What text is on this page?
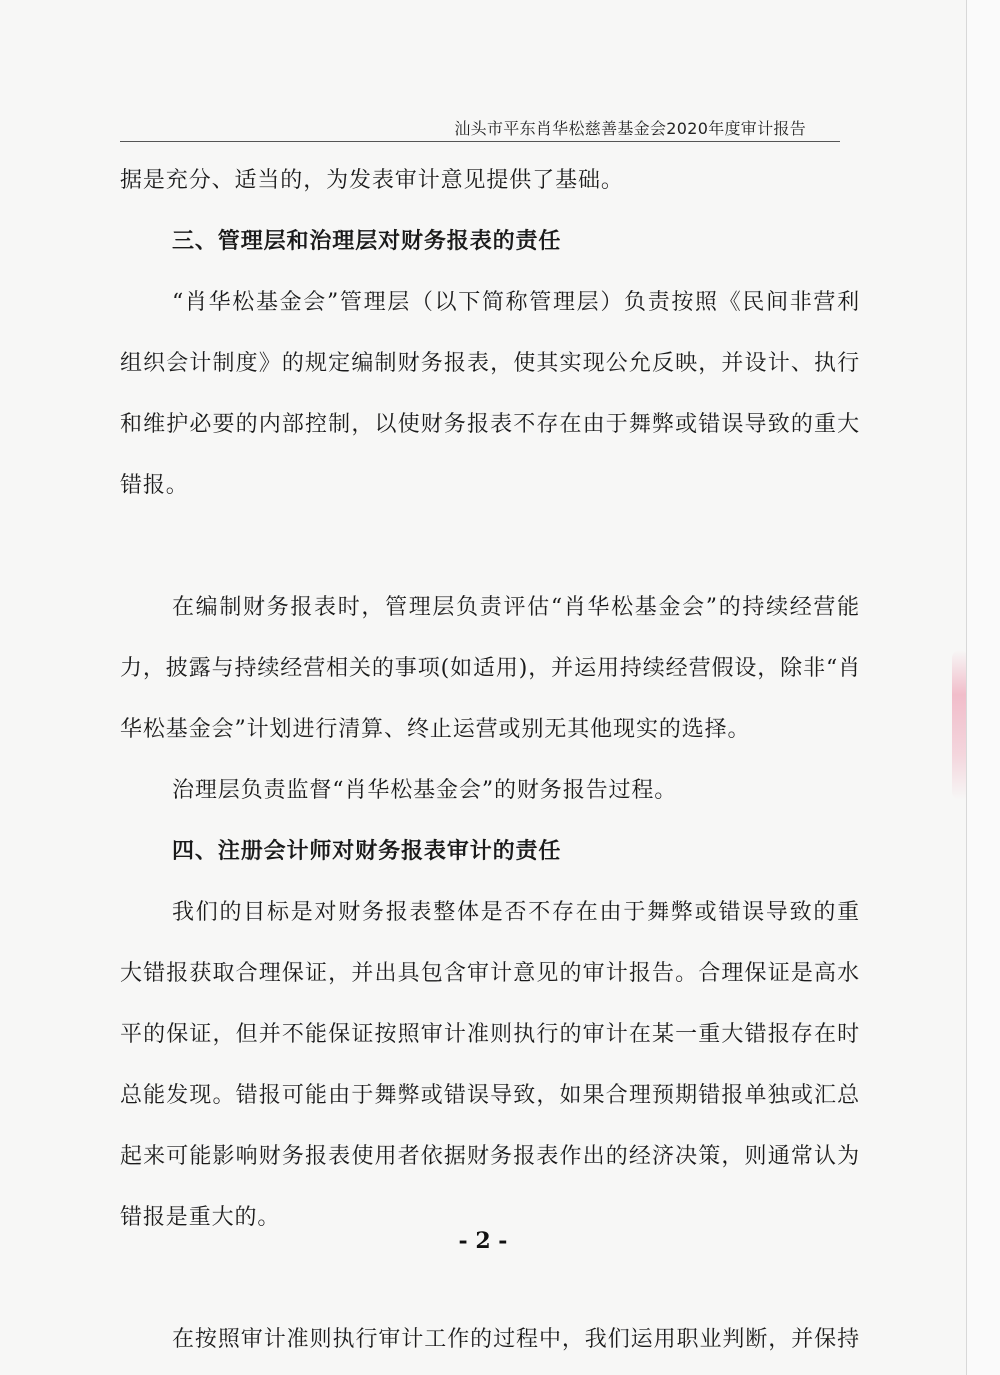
汕头市平东肖华松慈善基金会2020年度审计报告
据是充分、适当的，为发表审计意见提供了基础。
三、管理层和治理层对财务报表的责任
“肖华松基金会”管理层（以下简称管理层）负责按照《民间非营利
组织会计制度》的规定编制财务报表，使其实现公允反映，并设计、执行
和维护必要的内部控制，以使财务报表不存在由于舞弊或错误导致的重大
错报。
在编制财务报表时，管理层负责评估“肖华松基金会”的持续经营能
力，披露与持续经营相关的事项(如适用)，并运用持续经营假设，除非“肖
华松基金会”计划进行清算、终止运营或别无其他现实的选择。
治理层负责监督“肖华松基金会”的财务报告过程。
四、注册会计师对财务报表审计的责任
我们的目标是对财务报表整体是否不存在由于舞弊或错误导致的重
大错报获取合理保证，并出具包含审计意见的审计报告。合理保证是高水
平的保证，但并不能保证按照审计准则执行的审计在某一重大错报存在时
总能发现。错报可能由于舞弊或错误导致，如果合理预期错报单独或汇总
起来可能影响财务报表使用者依据财务报表作出的经济决策，则通常认为
错报是重大的。
在按照审计准则执行审计工作的过程中，我们运用职业判断，并保持
- 2 -
